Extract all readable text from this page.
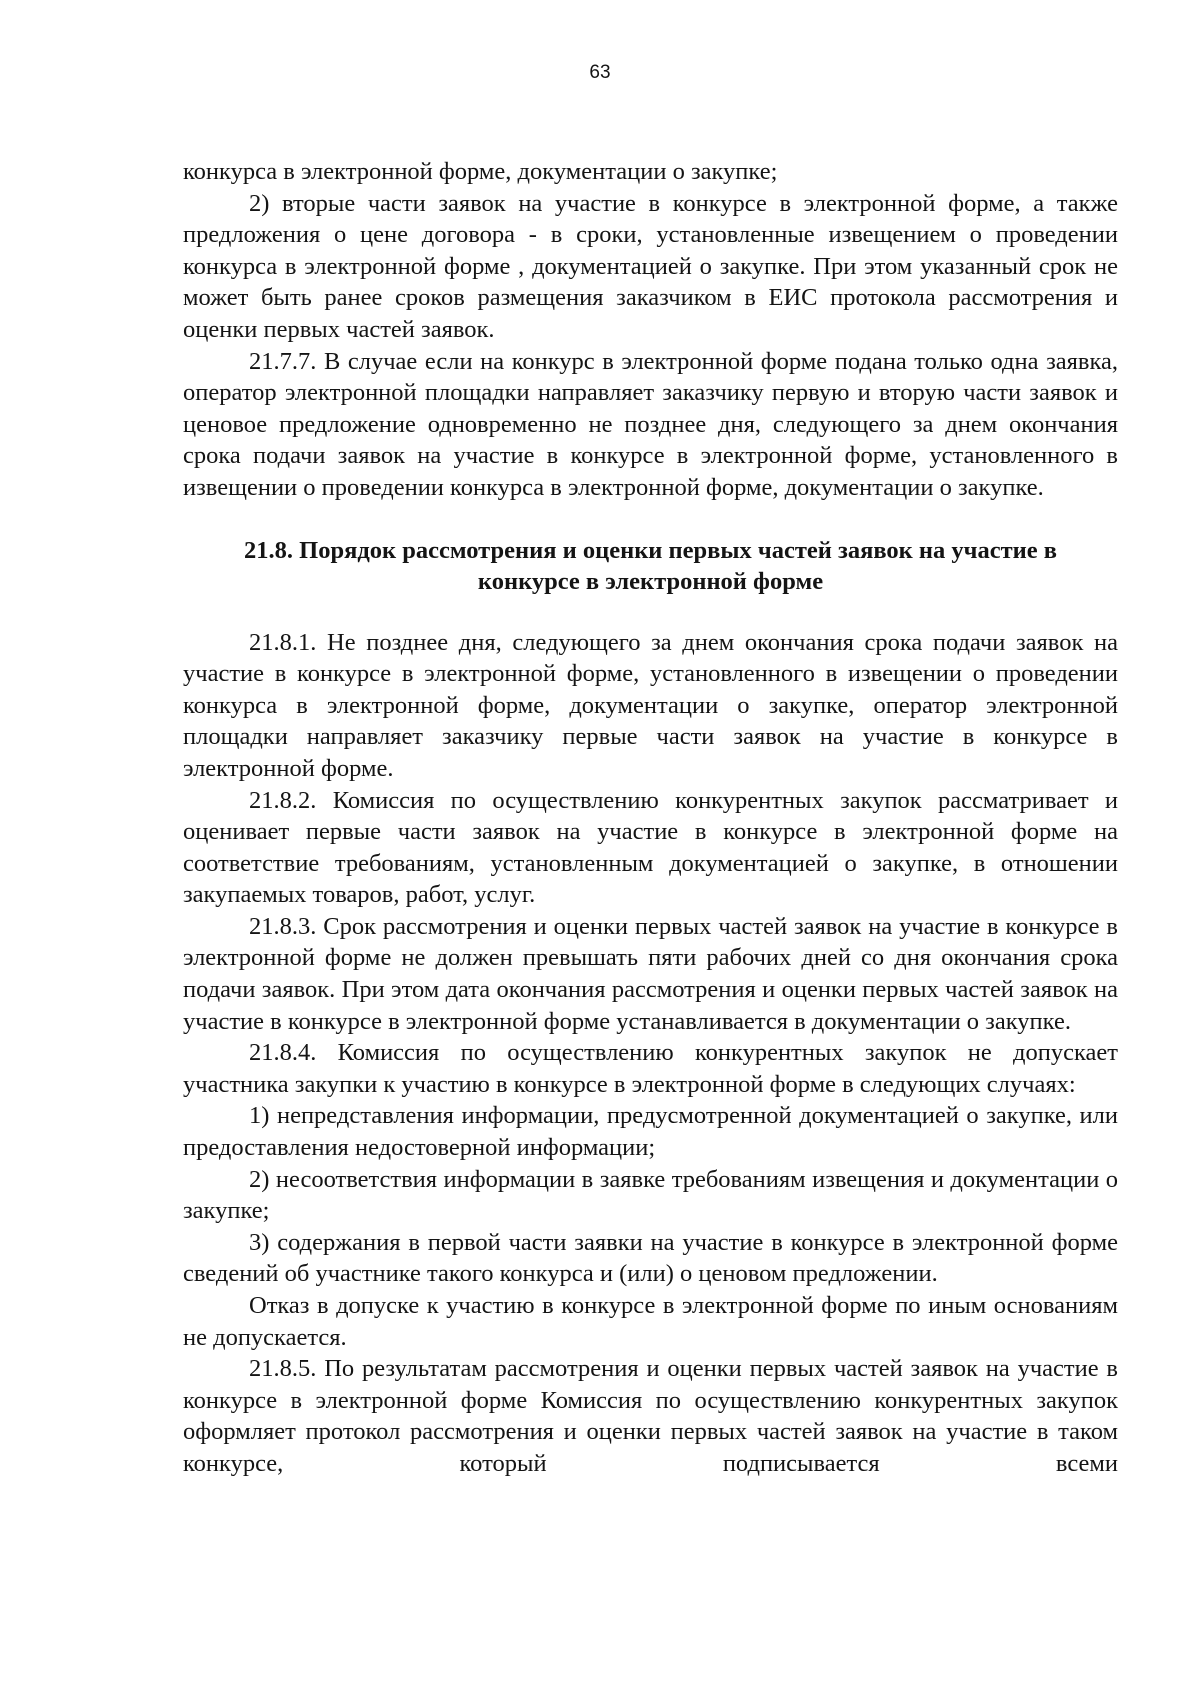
63

конкурса в электронной форме, документации о закупке;

2) вторые части заявок на участие в конкурсе в электронной форме, а также предложения о цене договора - в сроки, установленные извещением о проведении конкурса в электронной форме , документацией о закупке. При этом указанный срок не может быть ранее сроков размещения заказчиком в ЕИС протокола рассмотрения и оценки первых частей заявок.

21.7.7. В случае если на конкурс в электронной форме подана только одна заявка, оператор электронной площадки направляет заказчику первую и вторую части заявок и ценовое предложение одновременно не позднее дня, следующего за днем окончания срока подачи заявок на участие в конкурсе в электронной форме, установленного в извещении о проведении конкурса в электронной форме, документации о закупке.

21.8. Порядок рассмотрения и оценки первых частей заявок на участие в
конкурсе в электронной форме

21.8.1. Не позднее дня, следующего за днем окончания срока подачи заявок на участие в конкурсе в электронной форме, установленного в извещении о проведении конкурса в электронной форме, документации о закупке, оператор электронной площадки направляет заказчику первые части заявок на участие в конкурсе в электронной форме.

21.8.2. Комиссия по осуществлению конкурентных закупок рассматривает и оценивает первые части заявок на участие в конкурсе в электронной форме на соответствие требованиям, установленным документацией о закупке, в отношении закупаемых товаров, работ, услуг.

21.8.3. Срок рассмотрения и оценки первых частей заявок на участие в конкурсе в электронной форме не должен превышать пяти рабочих дней со дня окончания срока подачи заявок. При этом дата окончания рассмотрения и оценки первых частей заявок на участие в конкурсе в электронной форме устанавливается в документации о закупке.

21.8.4. Комиссия по осуществлению конкурентных закупок не допускает участника закупки к участию в конкурсе в электронной форме в следующих случаях:

1) непредставления информации, предусмотренной документацией о закупке, или предоставления недостоверной информации;

2) несоответствия информации в заявке требованиям извещения и документации о закупке;

3) содержания в первой части заявки на участие в конкурсе в электронной форме сведений об участнике такого конкурса и (или) о ценовом предложении.

Отказ в допуске к участию в конкурсе в электронной форме по иным основаниям не допускается.

21.8.5. По результатам рассмотрения и оценки первых частей заявок на участие в конкурсе в электронной форме Комиссия по осуществлению конкурентных закупок оформляет протокол рассмотрения и оценки первых частей заявок на участие в таком конкурсе, который подписывается всеми
